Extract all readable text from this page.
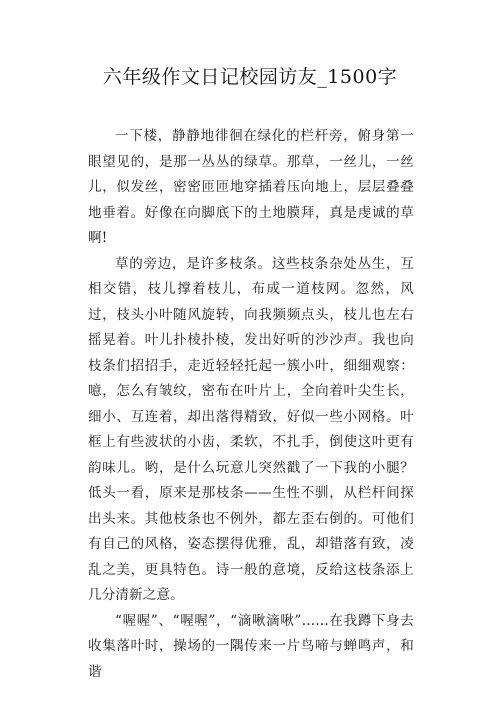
六年级作文日记校园访友_1500字

一下楼，静静地徘徊在绿化的栏杆旁，俯身第一眼望见的，是那一丛丛的绿草。那草，一丝儿，一丝儿，似发丝，密密匝匝地穿插着压向地上，层层叠叠地垂着。好像在向脚底下的土地膜拜，真是虔诚的草啊!

草的旁边，是许多枝条。这些枝条杂处丛生，互相交错，枝儿撑着枝儿，布成一道枝网。忽然，风过，枝头小叶随风旋转，向我频频点头，枝儿也左右摇晃着。叶儿扑棱扑棱，发出好听的沙沙声。我也向枝条们招招手，走近轻轻托起一簇小叶，细细观察：噫，怎么有皱纹，密布在叶片上，全向着叶尖生长，细小、互连着，却出落得精致，好似一些小网格。叶框上有些波状的小齿，柔软，不扎手，倒使这叶更有韵味儿。哟，是什么玩意儿突然戳了一下我的小腿？低头一看，原来是那枝条——生性不驯，从栏杆间探出头来。其他枝条也不例外，都左歪右倒的。可他们有自己的风格，姿态摆得优雅，乱，却错落有致，凌乱之美，更具特色。诗一般的意境，反给这枝条添上几分清新之意。

“喔喔”、“喔喔”，“滴啾滴啾”……在我蹲下身去收集落叶时，操场的一隅传来一片鸟啼与蝉鸣声，和谐
